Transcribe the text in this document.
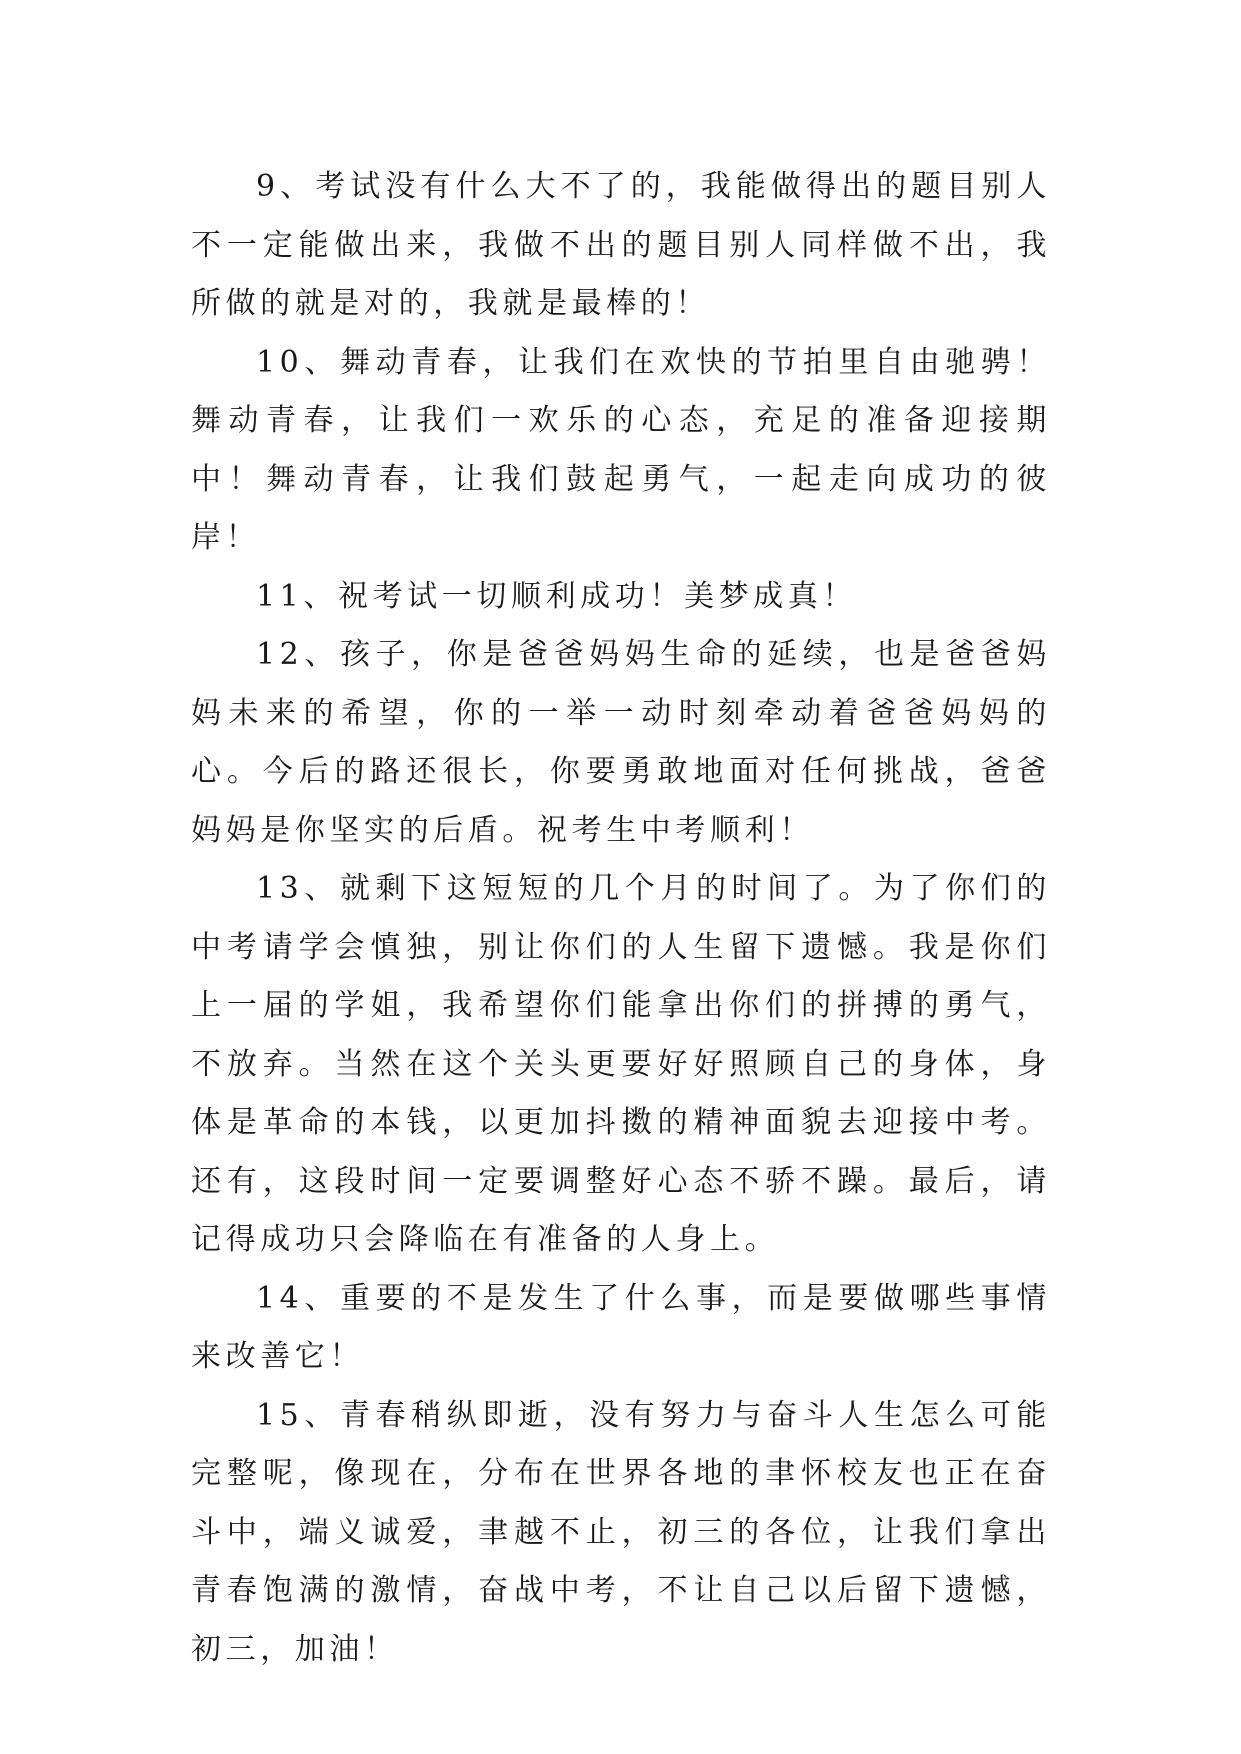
9、考试没有什么大不了的，我能做得出的题目别人不一定能做出来，我做不出的题目别人同样做不出，我所做的就是对的，我就是最棒的！

10、舞动青春，让我们在欢快的节拍里自由驰骋！舞动青春，让我们一欢乐的心态，充足的准备迎接期中！舞动青春，让我们鼓起勇气，一起走向成功的彼岸！

11、祝考试一切顺利成功！美梦成真！

12、孩子，你是爸爸妈妈生命的延续，也是爸爸妈妈未来的希望，你的一举一动时刻牵动着爸爸妈妈的心。今后的路还很长，你要勇敢地面对任何挑战，爸爸妈妈是你坚实的后盾。祝考生中考顺利！

13、就剩下这短短的几个月的时间了。为了你们的中考请学会慎独，别让你们的人生留下遗憾。我是你们上一届的学姐，我希望你们能拿出你们的拼搏的勇气，不放弃。当然在这个关头更要好好照顾自己的身体，身体是革命的本钱，以更加抖擞的精神面貌去迎接中考。还有，这段时间一定要调整好心态不骄不躁。最后，请记得成功只会降临在有准备的人身上。

14、重要的不是发生了什么事，而是要做哪些事情来改善它！

15、青春稍纵即逝，没有努力与奋斗人生怎么可能完整呢，像现在，分布在世界各地的聿怀校友也正在奋斗中，端义诚爱，聿越不止，初三的各位，让我们拿出青春饱满的激情，奋战中考，不让自己以后留下遗憾，初三，加油！
